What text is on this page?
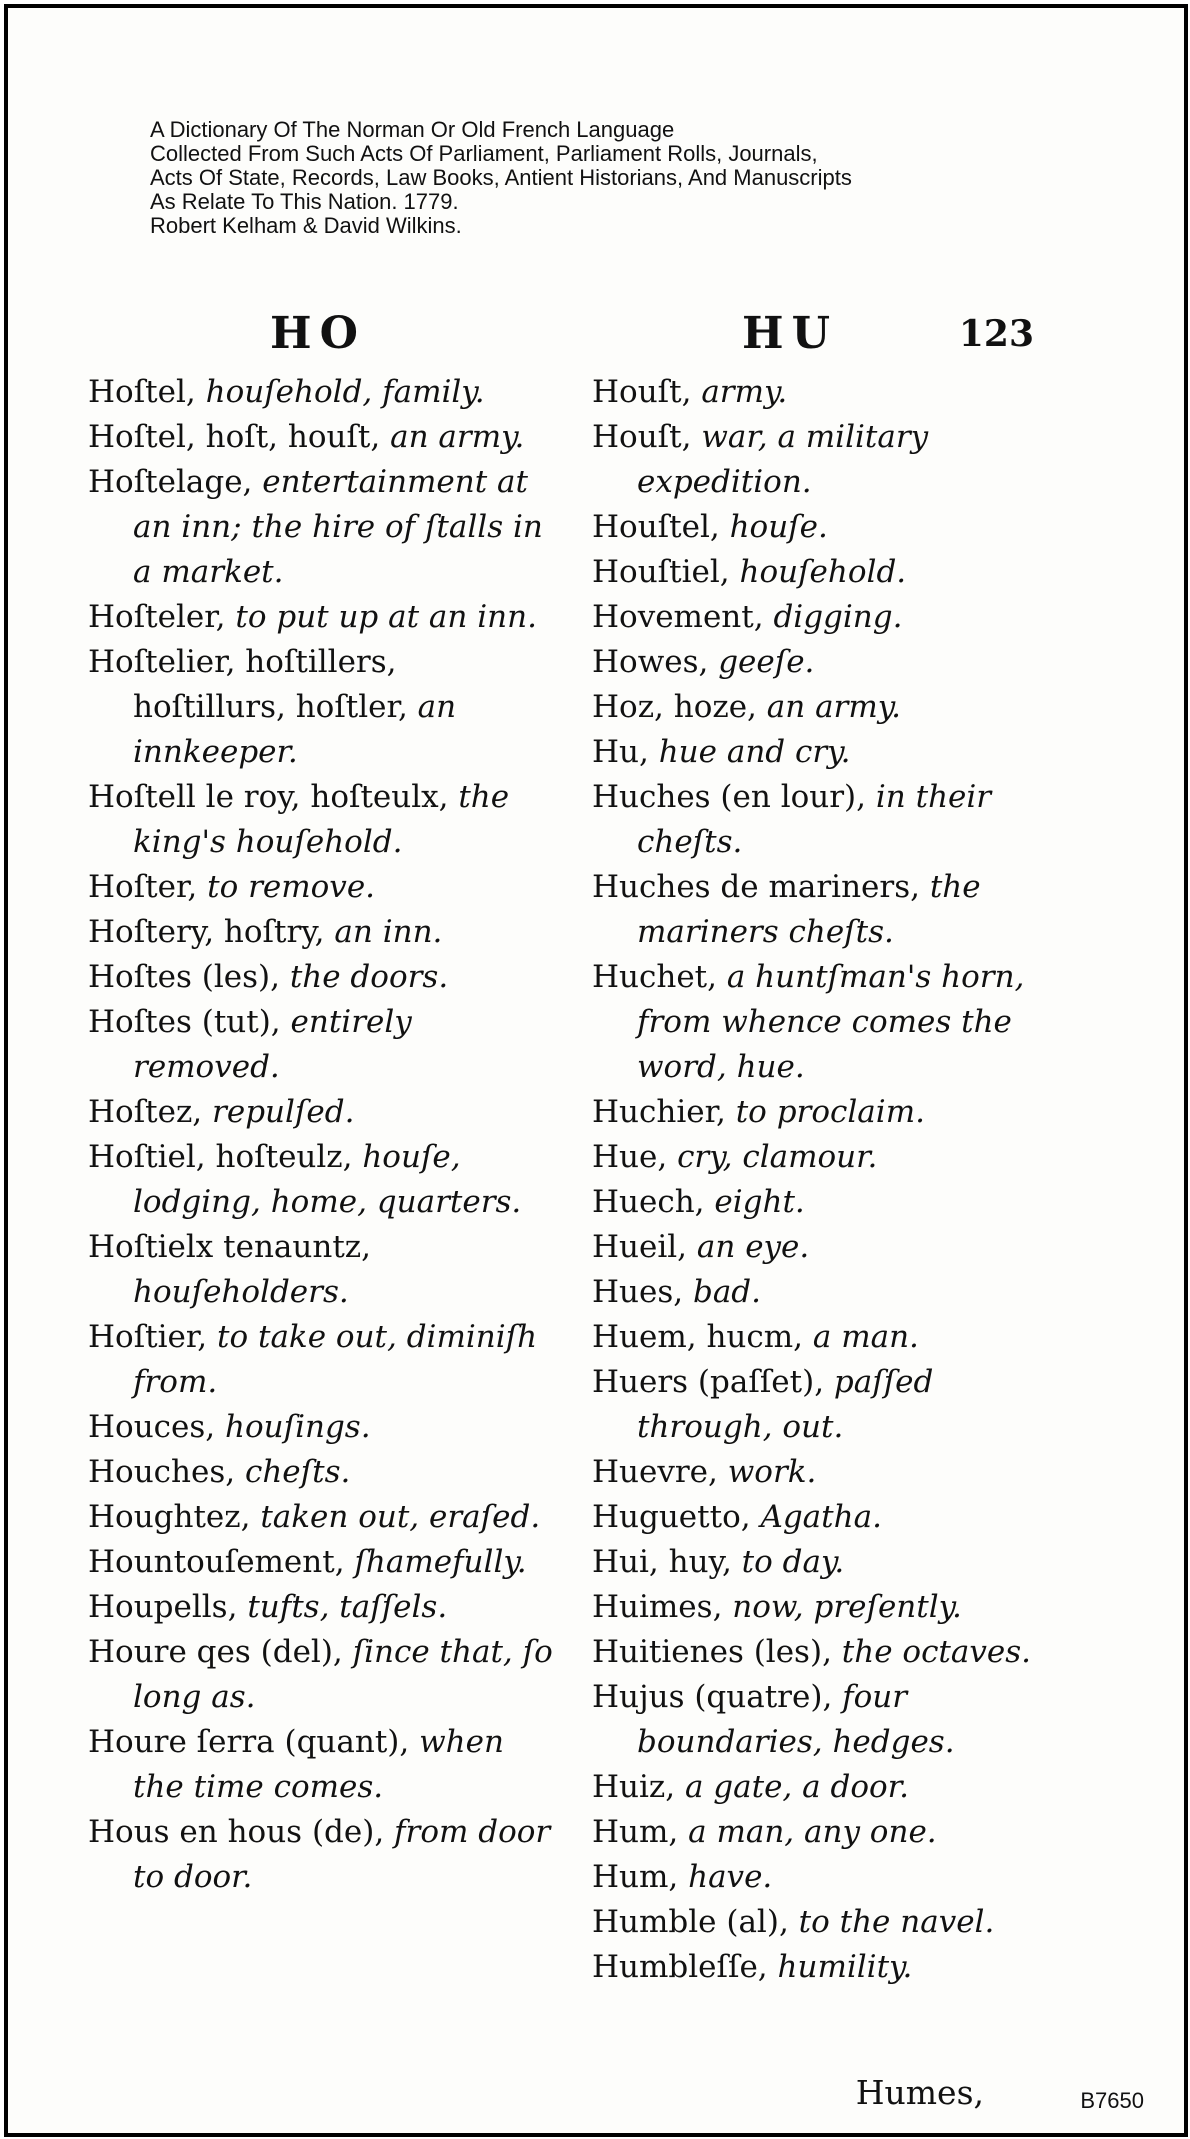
A Dictionary Of The Norman Or Old French Language
Collected From Such Acts Of Parliament, Parliament Rolls, Journals,
Acts Of State, Records, Law Books, Antient Historians, And Manuscripts
As Relate To This Nation. 1779.
Robert Kelham & David Wilkins.
HO	HU	123

Hoſtel, houſehold, family.

Hoſtel, hoſt, houſt, an army.

Hoſtelage, entertainment at an inn; the hire of ſtalls in a market.

Hoſteler, to put up at an inn.

Hoſtelier, hoſtillers, hoſtillurs, hoſtler, an innkeeper.

Hoſtell le roy, hoſteulx, the king's houſehold.

Hoſter, to remove.

Hoſtery, hoſtry, an inn.

Hoſtes (les), the doors.

Hoſtes (tut), entirely removed.

Hoſtez, repulſed.

Hoſtiel, hoſteulz, houſe, lodging, home, quarters.

Hoſtielx tenauntz, houſeholders.

Hoſtier, to take out, diminiſh from.

Houces, houſings.

Houches, cheſts.

Houghtez, taken out, eraſed.

Hountouſement, ſhamefully.

Houpells, tufts, taſſels.

Houre qes (del), ſince that, ſo long as.

Houre ſerra (quant), when the time comes.

Hous en hous (de), from door to door.

Houſt, army.

Houſt, war, a military expedition.

Houſtel, houſe.

Houſtiel, houſehold.

Hovement, digging.

Howes, geeſe.

Hoz, hoze, an army.

Hu, hue and cry.

Huches (en lour), in their cheſts.

Huches de mariners, the mariners cheſts.

Huchet, a huntſman's horn, from whence comes the word, hue.

Huchier, to proclaim.

Hue, cry, clamour.

Huech, eight.

Hueil, an eye.

Hues, bad.

Huem, hucm, a man.

Huers (paſſet), paſſed through, out.

Huevre, work.

Huguetto, Agatha.

Hui, huy, to day.

Huimes, now, preſently.

Huitienes (les), the octaves.

Hujus (quatre), four boundaries, hedges.

Huiz, a gate, a door.

Hum, a man, any one.

Hum, have.

Humble (al), to the navel.

Humbleſſe, humility.

Humes,	B7650
